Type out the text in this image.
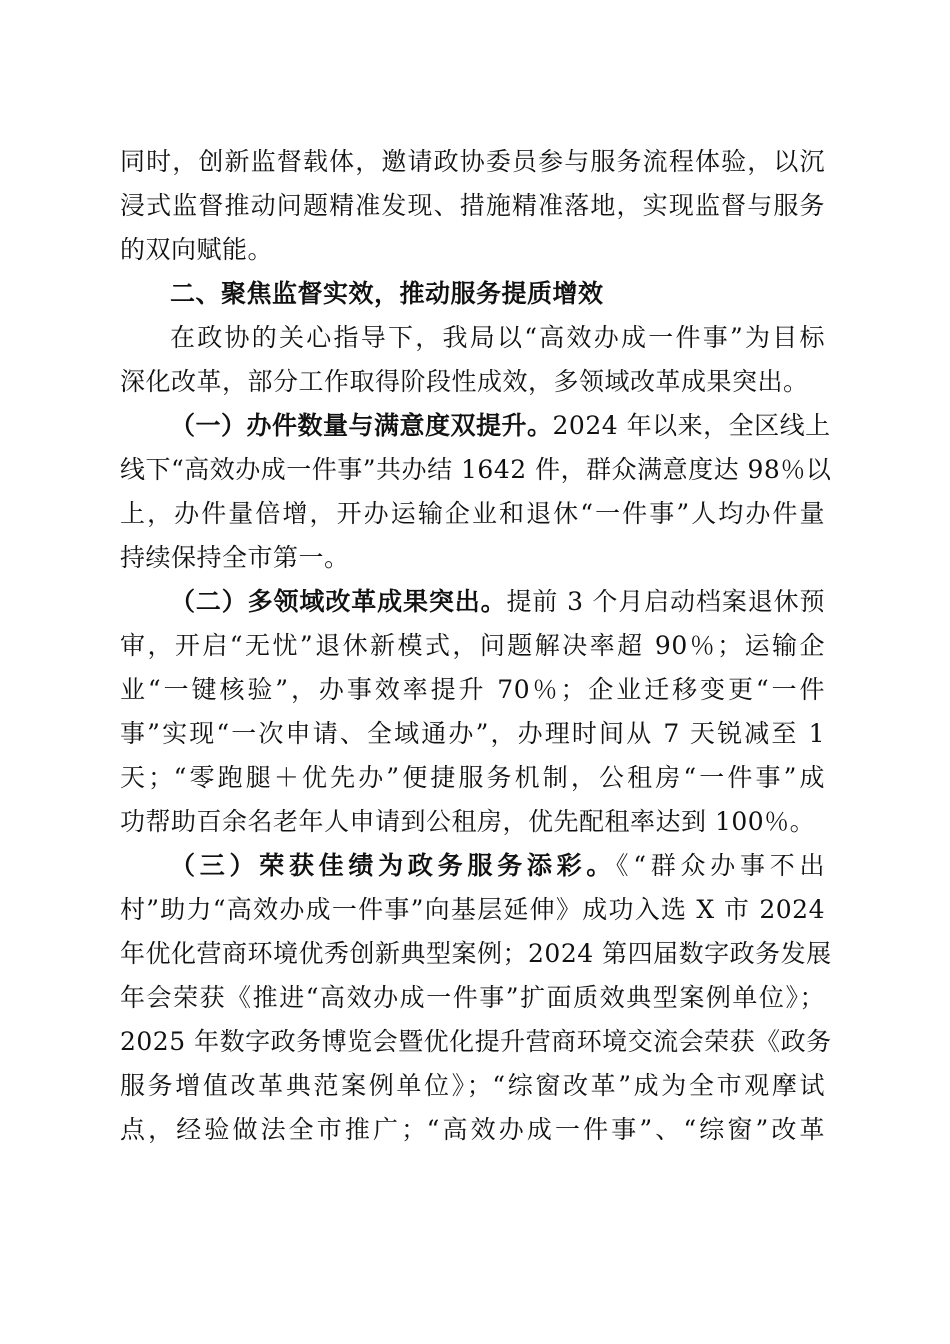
同时，创新监督载体，邀请政协委员参与服务流程体验，以沉
浸式监督推动问题精准发现、措施精准落地，实现监督与服务
的双向赋能。
二、聚焦监督实效，推动服务提质增效
在政协的关心指导下，我局以“高效办成一件事”为目标
深化改革，部分工作取得阶段性成效，多领域改革成果突出。
（一）办件数量与满意度双提升。2024 年以来，全区线上
线下“高效办成一件事”共办结 1642 件，群众满意度达 98％以
上，办件量倍增，开办运输企业和退休“一件事”人均办件量
持续保持全市第一。
（二）多领域改革成果突出。提前 3 个月启动档案退休预
审，开启“无忧”退休新模式，问题解决率超 90％；运输企
业“一键核验”，办事效率提升 70％；企业迁移变更“一件
事”实现“一次申请、全域通办”，办理时间从 7 天锐减至 1
天；“零跑腿＋优先办”便捷服务机制，公租房“一件事”成
功帮助百余名老年人申请到公租房，优先配租率达到 100％。
（三）荣获佳绩为政务服务添彩。《“群众办事不出
村”助力“高效办成一件事”向基层延伸》成功入选 X 市 2024
年优化营商环境优秀创新典型案例；2024 第四届数字政务发展
年会荣获《推进“高效办成一件事”扩面质效典型案例单位》；
2025 年数字政务博览会暨优化提升营商环境交流会荣获《政务
服务增值改革典范案例单位》；“综窗改革”成为全市观摩试
点，经验做法全市推广；“高效办成一件事”、“综窗”改革
